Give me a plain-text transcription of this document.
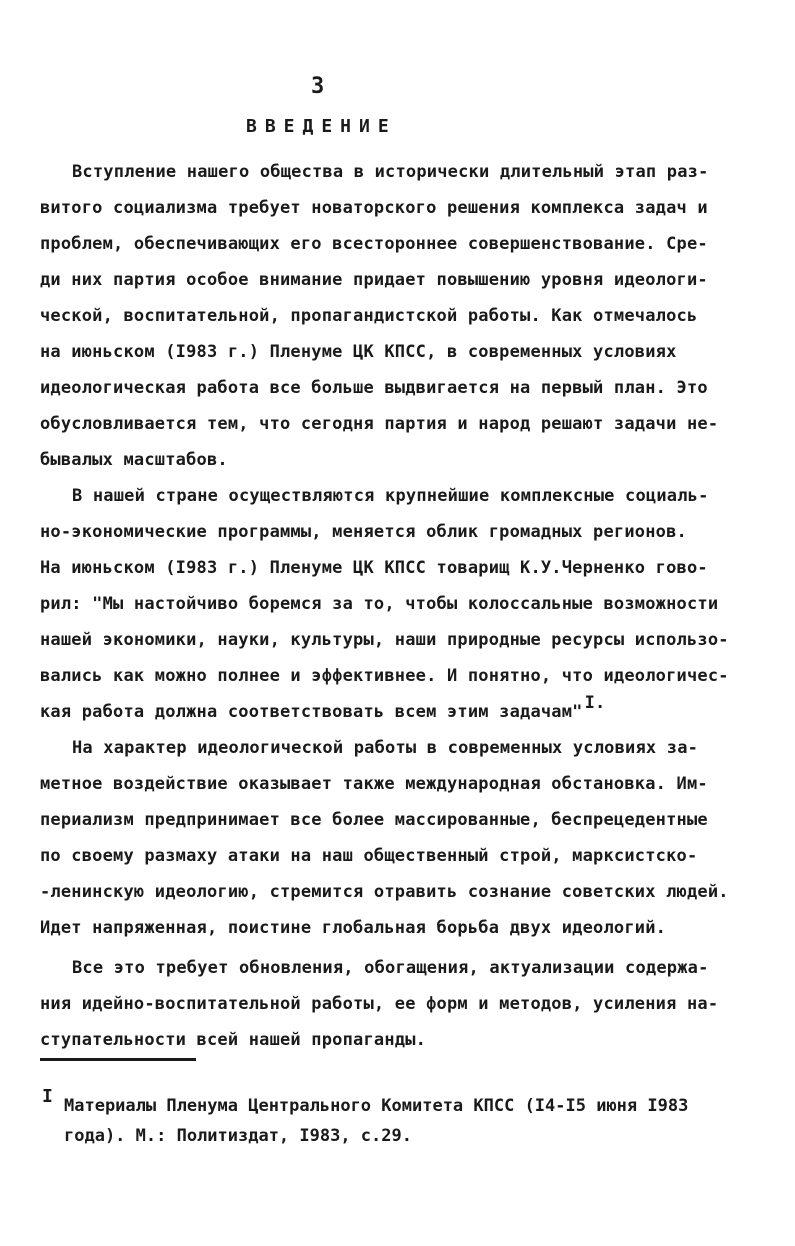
3
ВВЕДЕНИЕ
Вступление нашего общества в исторически длительный этап раз-
витого социализма требует новаторского решения комплекса задач и
проблем, обеспечивающих его всестороннее совершенствование. Сре-
ди них партия особое внимание придает повышению уровня идеологи-
ческой, воспитательной, пропагандистской работы. Как отмечалось
на июньском (I983 г.) Пленуме ЦК КПСС, в современных условиях
идеологическая работа все больше выдвигается на первый план. Это
обусловливается тем, что сегодня партия и народ решают задачи не-
бывалых масштабов.
В нашей стране осуществляются крупнейшие комплексные социаль-
но-экономические программы, меняется облик громадных регионов.
На июньском (I983 г.) Пленуме ЦК КПСС товарищ К.У.Черненко гово-
рил: "Мы настойчиво боремся за то, чтобы колоссальные возможности
нашей экономики, науки, культуры, наши природные ресурсы использо-
вались как можно полнее и эффективнее. И понятно, что идеологичес-
кая работа должна соответствовать всем этим задачам" I.
На характер идеологической работы в современных условиях за-
метное воздействие оказывает также международная обстановка. Им-
периализм предпринимает все более массированные, беспрецедентные
по своему размаху атаки на наш общественный строй, марксистско-
-ленинскую идеологию, стремится отравить сознание советских людей.
Идет напряженная, поистине глобальная борьба двух идеологий.
Все это требует обновления, обогащения, актуализации содержа-
ния идейно-воспитательной работы, ее форм и методов, усиления на-
ступательности всей нашей пропаганды.
I Материалы Пленума Центрального Комитета КПСС (I4-I5 июня I983
года). М.: Политиздат, I983, с.29.
